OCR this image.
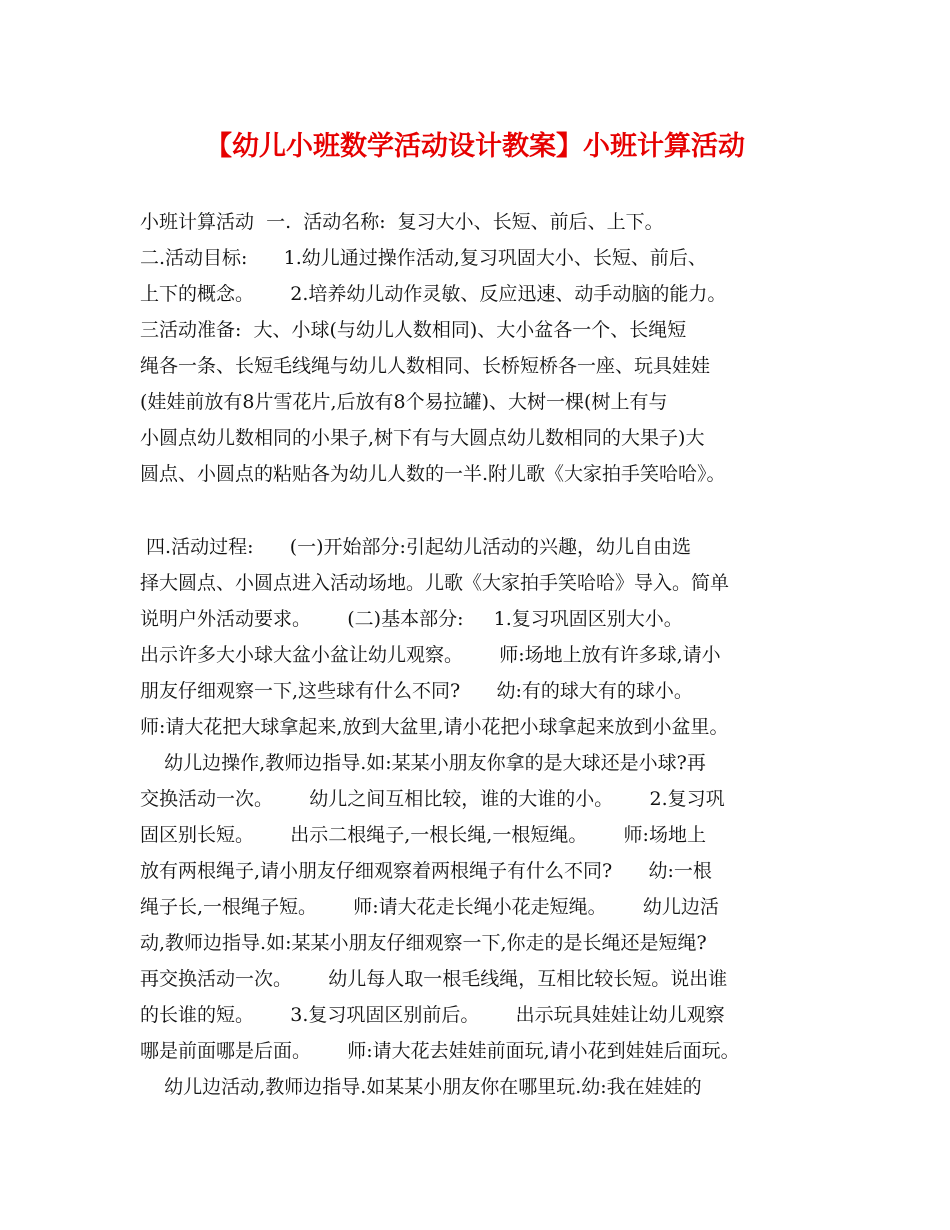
【幼儿小班数学活动设计教案】小班计算活动
小班计算活动  一.  活动名称:  复习大小、长短、前后、上下。
二.活动目标:      1.幼儿通过操作活动,复习巩固大小、长短、前后、
上下的概念。      2.培养幼儿动作灵敏、反应迅速、动手动脑的能力。
三活动准备:  大、小球(与幼儿人数相同)、大小盆各一个、长绳短
绳各一条、长短毛线绳与幼儿人数相同、长桥短桥各一座、玩具娃娃
(娃娃前放有8片雪花片,后放有8个易拉罐)、大树一棵(树上有与
小圆点幼儿数相同的小果子,树下有与大圆点幼儿数相同的大果子)大
圆点、小圆点的粘贴各为幼儿人数的一半.附儿歌《大家拍手笑哈哈》。
四.活动过程:      (一)开始部分:引起幼儿活动的兴趣，幼儿自由选
择大圆点、小圆点进入活动场地。儿歌《大家拍手笑哈哈》导入。简单
说明户外活动要求。      (二)基本部分:     1.复习巩固区别大小。
出示许多大小球大盆小盆让幼儿观察。      师:场地上放有许多球,请小
朋友仔细观察一下,这些球有什么不同?      幼:有的球大有的球小。
师:请大花把大球拿起来,放到大盆里,请小花把小球拿起来放到小盆里。
幼儿边操作,教师边指导.如:某某小朋友你拿的是大球还是小球?再
交换活动一次。      幼儿之间互相比较，谁的大谁的小。      2.复习巩
固区别长短。      出示二根绳子,一根长绳,一根短绳。      师:场地上
放有两根绳子,请小朋友仔细观察着两根绳子有什么不同?      幼:一根
绳子长,一根绳子短。      师:请大花走长绳小花走短绳。      幼儿边活
动,教师边指导.如:某某小朋友仔细观察一下,你走的是长绳还是短绳?
再交换活动一次。      幼儿每人取一根毛线绳，互相比较长短。说出谁
的长谁的短。      3.复习巩固区别前后。      出示玩具娃娃让幼儿观察
哪是前面哪是后面。      师:请大花去娃娃前面玩,请小花到娃娃后面玩。
幼儿边活动,教师边指导.如某某小朋友你在哪里玩.幼:我在娃娃的
